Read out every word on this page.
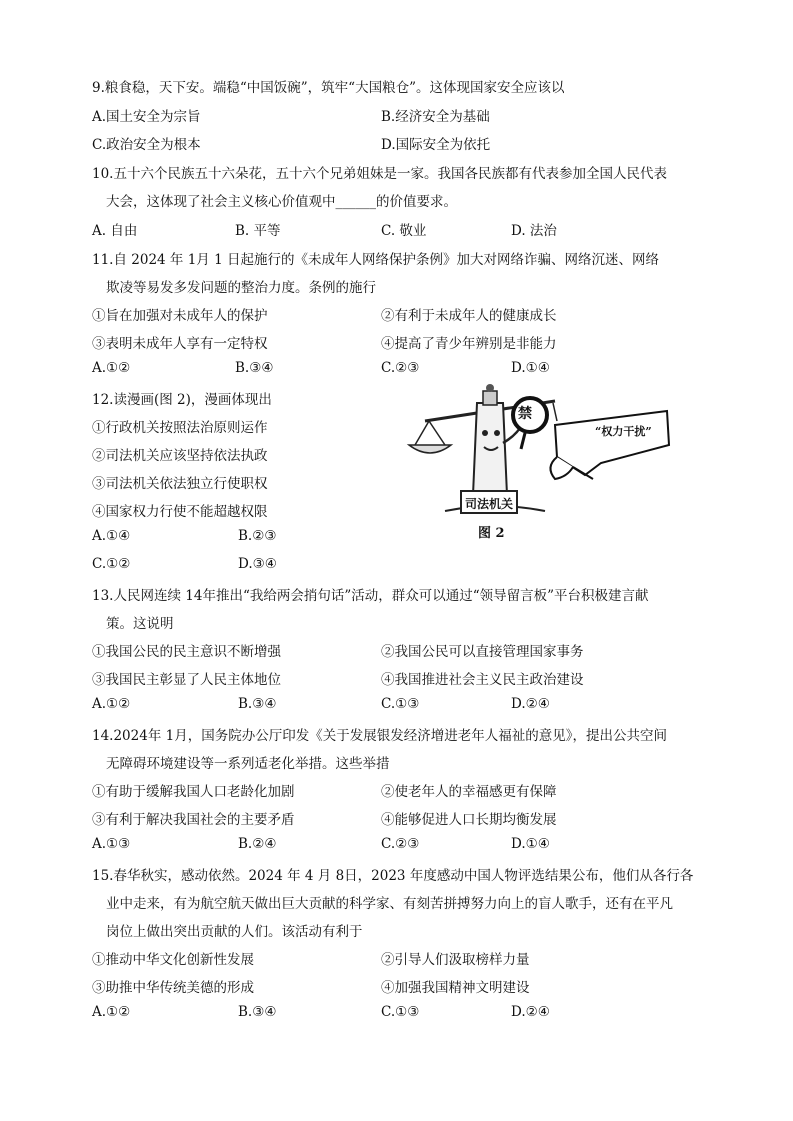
9.粮食稳，天下安。端稳“中国饭碗”，筑牢“大国粮仓”。这体现国家安全应该以
A.国土安全为宗旨	B.经济安全为基础
C.政治安全为根本	D.国际安全为依托
10.五十六个民族五十六朵花，五十六个兄弟姐妹是一家。我国各民族都有代表参加全国人民代表
大会，这体现了社会主义核心价值观中______的价值要求。
A. 自由	B. 平等	C. 敬业	D. 法治
11.自 2024 年 1月 1 日起施行的《未成年人网络保护条例》加大对网络诈骗、网络沉迷、网络
欺凌等易发多发问题的整治力度。条例的施行
①旨在加强对未成年人的保护	②有利于未成年人的健康成长
③表明未成年人享有一定特权	④提高了青少年辨别是非能力
A.①②	B.③④	C.②③	D.①④
12.读漫画(图 2)，漫画体现出
①行政机关按照法治原则运作
②司法机关应该坚持依法执政
③司法机关依法独立行使职权
④国家权力行使不能超越权限
A.①④	B.②③
C.①②	D.③④
禁
“权力干扰”
司法机关
图 2
13.人民网连续 14年推出“我给两会捎句话”活动，群众可以通过“领导留言板”平台积极建言献
策。这说明
①我国公民的民主意识不断增强	②我国公民可以直接管理国家事务
③我国民主彰显了人民主体地位	④我国推进社会主义民主政治建设
A.①②	B.③④	C.①③	D.②④
14.2024年 1月，国务院办公厅印发《关于发展银发经济增进老年人福祉的意见》，提出公共空间
无障碍环境建设等一系列适老化举措。这些举措
①有助于缓解我国人口老龄化加剧	②使老年人的幸福感更有保障
③有利于解决我国社会的主要矛盾	④能够促进人口长期均衡发展
A.①③	B.②④	C.②③	D.①④
15.春华秋实，感动依然。2024 年 4 月 8日，2023 年度感动中国人物评选结果公布，他们从各行各
业中走来，有为航空航天做出巨大贡献的科学家、有刻苦拼搏努力向上的盲人歌手，还有在平凡
岗位上做出突出贡献的人们。该活动有利于
①推动中华文化创新性发展	②引导人们汲取榜样力量
③助推中华传统美德的形成	④加强我国精神文明建设
A.①②	B.③④	C.①③	D.②④
